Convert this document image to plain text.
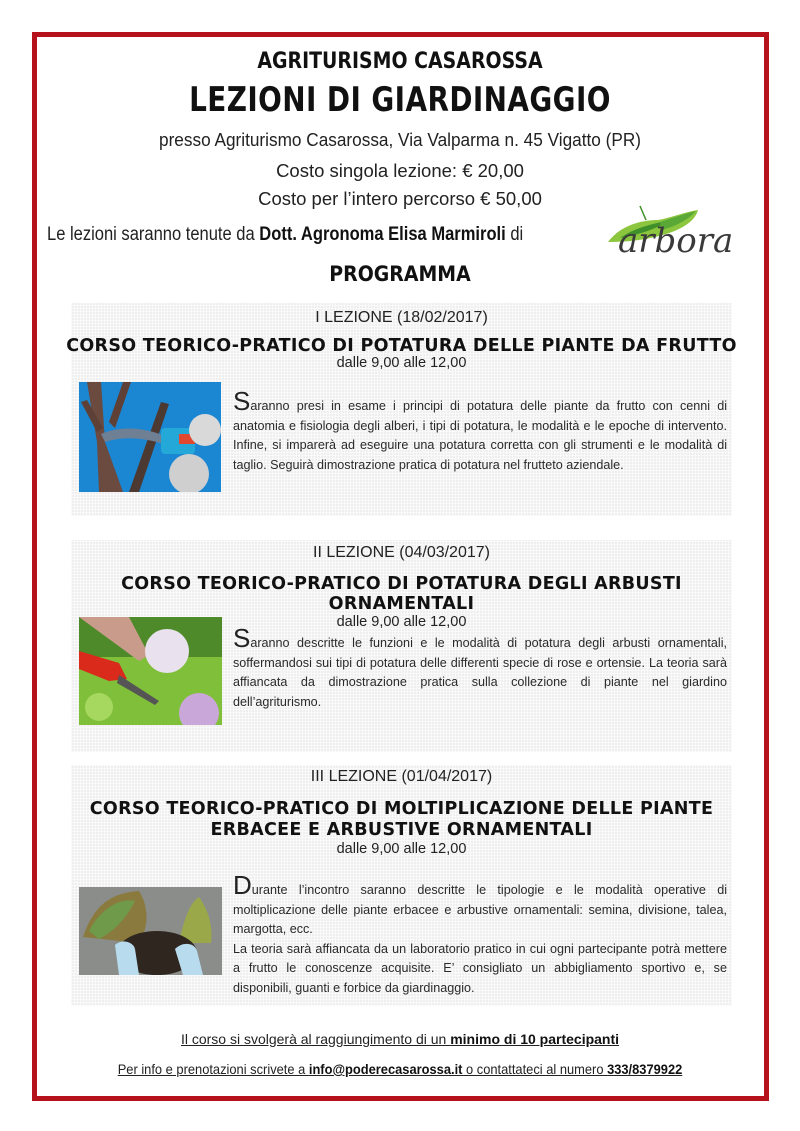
AGRITURISMO CASAROSSA
LEZIONI DI GIARDINAGGIO
presso Agriturismo Casarossa, Via Valparma n. 45 Vigatto (PR)
Costo singola lezione: € 20,00
Costo per l’intero percorso € 50,00
Le lezioni saranno tenute da Dott. Agronoma Elisa Marmiroli di	arbora
PROGRAMMA
I LEZIONE (18/02/2017)
CORSO TEORICO-PRATICO DI POTATURA DELLE PIANTE DA FRUTTO
dalle 9,00 alle 12,00
Saranno presi in esame i principi di potatura delle piante da frutto con cenni di anatomia e fisiologia degli alberi, i tipi di potatura, le modalità e le epoche di intervento. Infine, si imparerà ad eseguire una potatura corretta con gli strumenti e le modalità di taglio. Seguirà dimostrazione pratica di potatura nel frutteto aziendale.
II LEZIONE (04/03/2017)
CORSO TEORICO-PRATICO DI POTATURA DEGLI ARBUSTI
ORNAMENTALI
dalle 9,00 alle 12,00
Saranno descritte le funzioni e le modalità di potatura degli arbusti ornamentali, soffermandosi sui tipi di potatura delle differenti specie di rose e ortensie. La teoria sarà affiancata da dimostrazione pratica sulla collezione di piante nel giardino dell’agriturismo.
III LEZIONE (01/04/2017)
CORSO TEORICO-PRATICO DI MOLTIPLICAZIONE DELLE PIANTE
ERBACEE E ARBUSTIVE ORNAMENTALI
dalle 9,00 alle 12,00
Durante l’incontro saranno descritte le tipologie e le modalità operative di moltiplicazione delle piante erbacee e arbustive ornamentali: semina, divisione, talea, margotta, ecc.
La teoria sarà affiancata da un laboratorio pratico in cui ogni partecipante potrà mettere a frutto le conoscenze acquisite. E’ consigliato un abbigliamento sportivo e, se disponibili, guanti e forbice da giardinaggio.
Il corso si svolgerà al raggiungimento di un minimo di 10 partecipanti
Per info e prenotazioni scrivete a info@poderecasarossa.it o contattateci al numero 333/8379922
